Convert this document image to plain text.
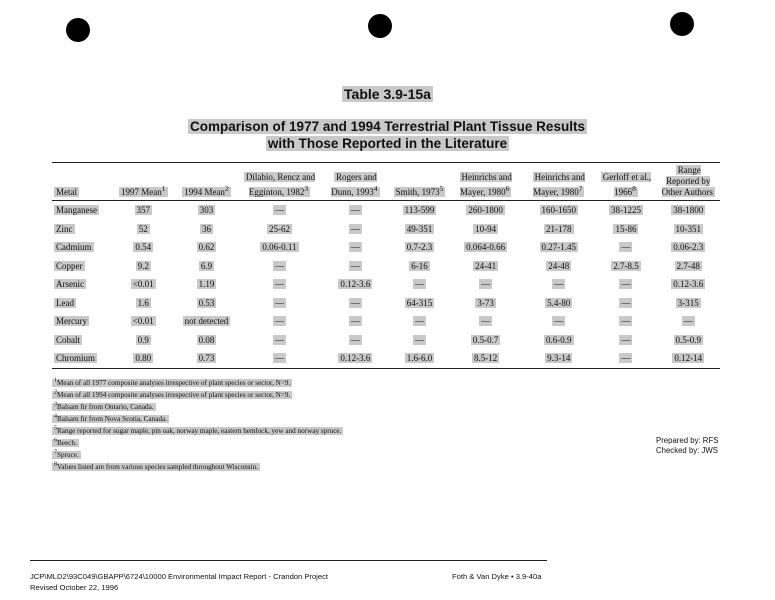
Table 3.9-15a
Comparison of 1977 and 1994 Terrestrial Plant Tissue Results
with Those Reported in the Literature
Metal	1997 Mean$^1$	1994 Mean$^2$	Dilabio, Rencz and Egginton, 1982$^3$	Rogers and Dunn, 1993$^4$	Smith, 1973$^5$	Heinrichs and Mayer, 1980$^6$	Heinrichs and Mayer, 1980$^7$	Gerloff et al., 1966$^8$	Range Reported by Other Authors
Manganese	357	303	—	—	113-599	260-1800	160-1650	38-1225	38-1800
Zinc	52	36	25-62	—	49-351	10-94	21-178	15-86	10-351
Cadmium	0.54	0.62	0.06-0.11	—	0.7-2.3	0.064-0.66	0.27-1.45	—	0.06-2.3
Copper	9.2	6.9	—	—	6-16	24-41	24-48	2.7-8.5	2.7-48
Arsenic	<0.01	1.19	—	0.12-3.6	—	—	—	—	0.12-3.6
Lead	1.6	0.53	—	—	64-315	3-73	5.4-80	—	3-315
Mercury	<0.01	not detected	—	—	—	—	—	—	—
Cobalt	0.9	0.08	—	—	—	0.5-0.7	0.6-0.9	—	0.5-0.9
Chromium	0.80	0.73	—	0.12-3.6	1.6-6.0	8.5-12	9.3-14	—	0.12-14
$^1$Mean of all 1977 composite analyses irrespective of plant species or sector, N=9.
$^2$Mean of all 1994 composite analyses irrespective of plant species or sector, N=9.
$^3$Balsam fir from Ontario, Canada.
$^4$Balsam fir from Nova Scotia, Canada.
$^5$Range reported for sugar maple, pin oak, norway maple, eastern hemlock, yew and norway spruce.
$^6$Beech.
$^7$Spruce.
$^8$Values listed are from various species sampled throughout Wisconsin.
Prepared by: RFS
Checked by: JWS
JCP\MLD2\93C049\GBAPP\6724\10000 Environmental Impact Report - Crandon Project
Revised October 22, 1996
Foth & Van Dyke • 3.9-40a
